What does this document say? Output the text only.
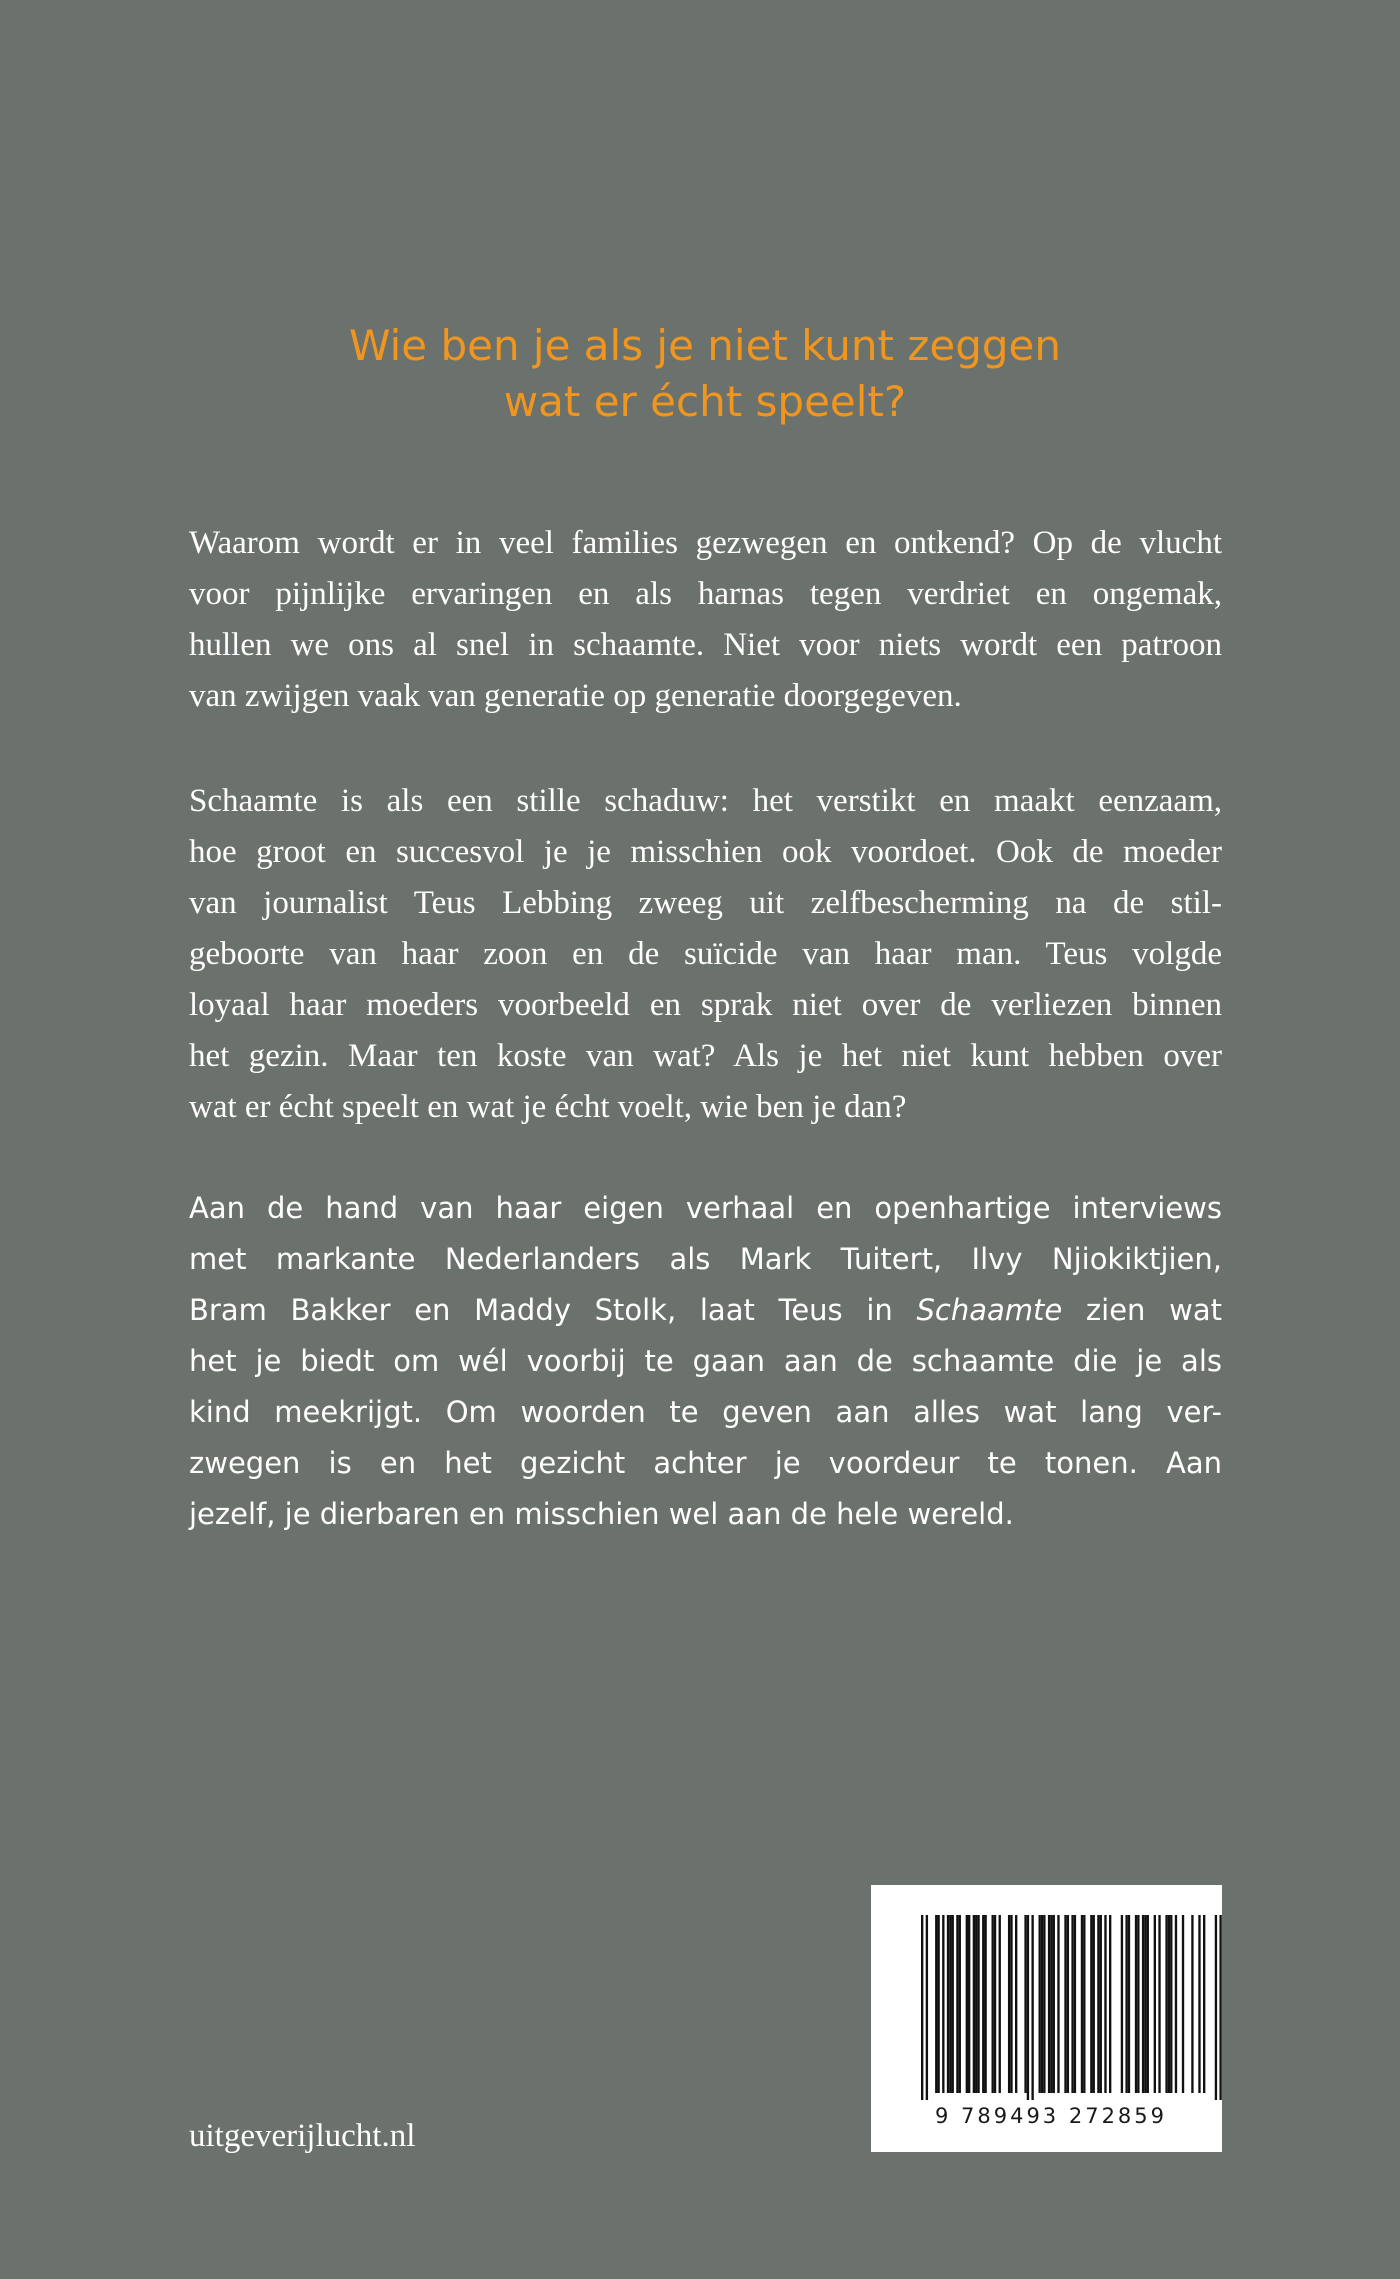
Wie ben je als je niet kunt zeggen
wat er écht speelt?

Waarom wordt er in veel families gezwegen en ontkend? Op de vlucht
voor pijnlijke ervaringen en als harnas tegen verdriet en ongemak,
hullen we ons al snel in schaamte. Niet voor niets wordt een patroon
van zwijgen vaak van generatie op generatie doorgegeven.

Schaamte is als een stille schaduw: het verstikt en maakt eenzaam,
hoe groot en succesvol je je misschien ook voordoet. Ook de moeder
van journalist Teus Lebbing zweeg uit zelfbescherming na de stil-
geboorte van haar zoon en de suïcide van haar man. Teus volgde
loyaal haar moeders voorbeeld en sprak niet over de verliezen binnen
het gezin. Maar ten koste van wat? Als je het niet kunt hebben over
wat er écht speelt en wat je écht voelt, wie ben je dan?

Aan de hand van haar eigen verhaal en openhartige interviews
met markante Nederlanders als Mark Tuitert, Ilvy Njiokiktjien,
Bram Bakker en Maddy Stolk, laat Teus in Schaamte zien wat
het je biedt om wél voorbij te gaan aan de schaamte die je als
kind meekrijgt. Om woorden te geven aan alles wat lang ver-
zwegen is en het gezicht achter je voordeur te tonen. Aan
jezelf, je dierbaren en misschien wel aan de hele wereld.

uitgeverijlucht.nl
9 789493 272859
